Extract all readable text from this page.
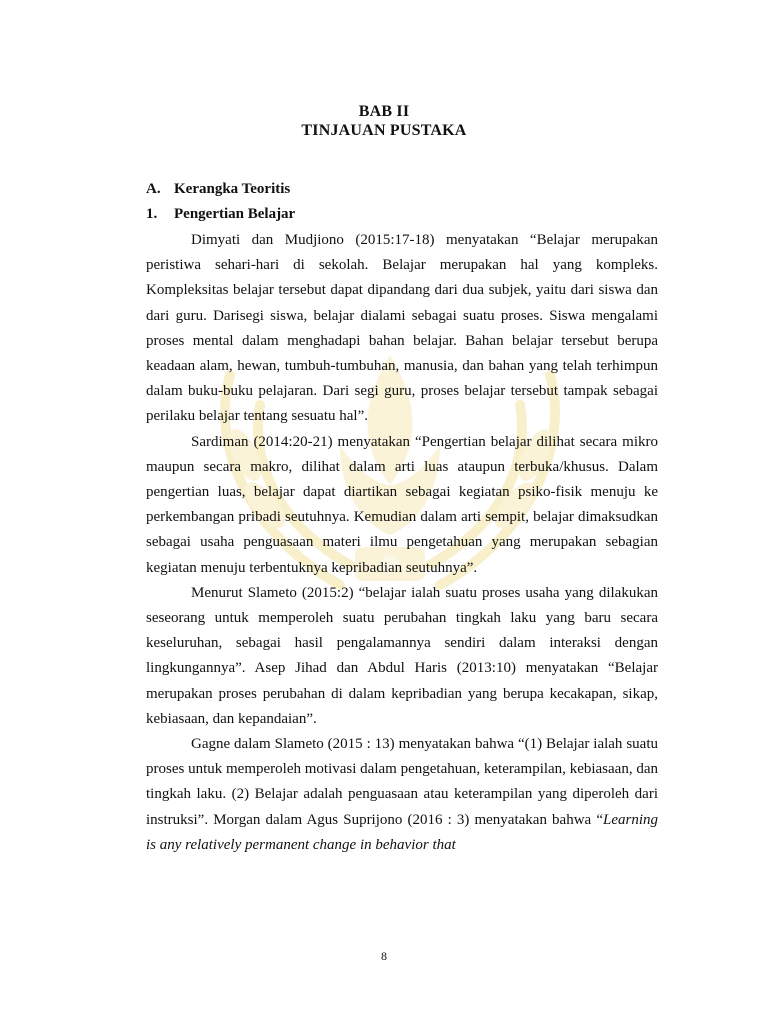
BAB II
TINJAUAN PUSTAKA
A. Kerangka Teoritis
1. Pengertian Belajar

Dimyati dan Mudjiono (2015:17-18) menyatakan “Belajar merupakan peristiwa sehari-hari di sekolah. Belajar merupakan hal yang kompleks. Kompleksitas belajar tersebut dapat dipandang dari dua subjek, yaitu dari siswa dan dari guru. Darisegi siswa, belajar dialami sebagai suatu proses. Siswa mengalami proses mental dalam menghadapi bahan belajar. Bahan belajar tersebut berupa keadaan alam, hewan, tumbuh-tumbuhan, manusia, dan bahan yang telah terhimpun dalam buku-buku pelajaran. Dari segi guru, proses belajar tersebut tampak sebagai perilaku belajar tentang sesuatu hal”.

Sardiman (2014:20-21) menyatakan “Pengertian belajar dilihat secara mikro maupun secara makro, dilihat dalam arti luas ataupun terbuka/khusus. Dalam pengertian luas, belajar dapat diartikan sebagai kegiatan psiko-fisik menuju ke perkembangan pribadi seutuhnya. Kemudian dalam arti sempit, belajar dimaksudkan sebagai usaha penguasaan materi ilmu pengetahuan yang merupakan sebagian kegiatan menuju terbentuknya kepribadian seutuhnya”.

Menurut Slameto (2015:2) “belajar ialah suatu proses usaha yang dilakukan seseorang untuk memperoleh suatu perubahan tingkah laku yang baru secara keseluruhan, sebagai hasil pengalamannya sendiri dalam interaksi dengan lingkungannya”. Asep Jihad dan Abdul Haris (2013:10) menyatakan “Belajar merupakan proses perubahan di dalam kepribadian yang berupa kecakapan, sikap, kebiasaan, dan kepandaian”.

Gagne dalam Slameto (2015 : 13) menyatakan bahwa “(1) Belajar ialah suatu proses untuk memperoleh motivasi dalam pengetahuan, keterampilan, kebiasaan, dan tingkah laku. (2) Belajar adalah penguasaan atau keterampilan yang diperoleh dari instruksi”. Morgan dalam Agus Suprijono (2016 : 3) menyatakan bahwa “Learning is any relatively permanent change in behavior that

8
